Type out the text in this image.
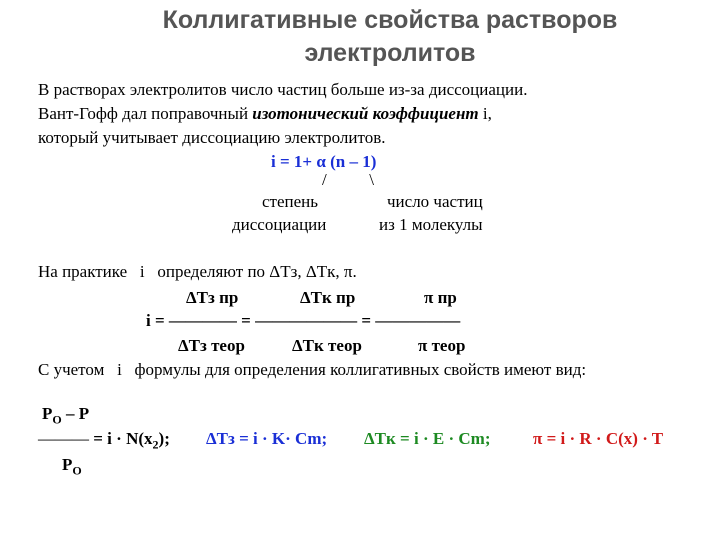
Коллигативные свойства растворов
электролитов
В растворах электролитов число частиц больше из-за диссоциации.
Вант-Гофф дал поправочный изотонический коэффициент i,
который учитывает диссоциацию электролитов.
i = 1+ α (n – 1)
/          \
степень
диссоциации
число частиц
из 1 молекулы
На практике   i   определяют по ΔTз, ΔTк, π.
ΔTз пр	ΔTк пр	π пр
i = ———— = —————— = —————
ΔTз теор	ΔTк теор	π теор
С учетом   i   формулы для определения коллигативных свойств имеют вид:
$P_O$ – P
——— = $i \cdot N(x_2)$; ΔTз = i · K· Cm; ΔTк = i · E · Cm;	π = i · R · C(x) · T
$P_O$
